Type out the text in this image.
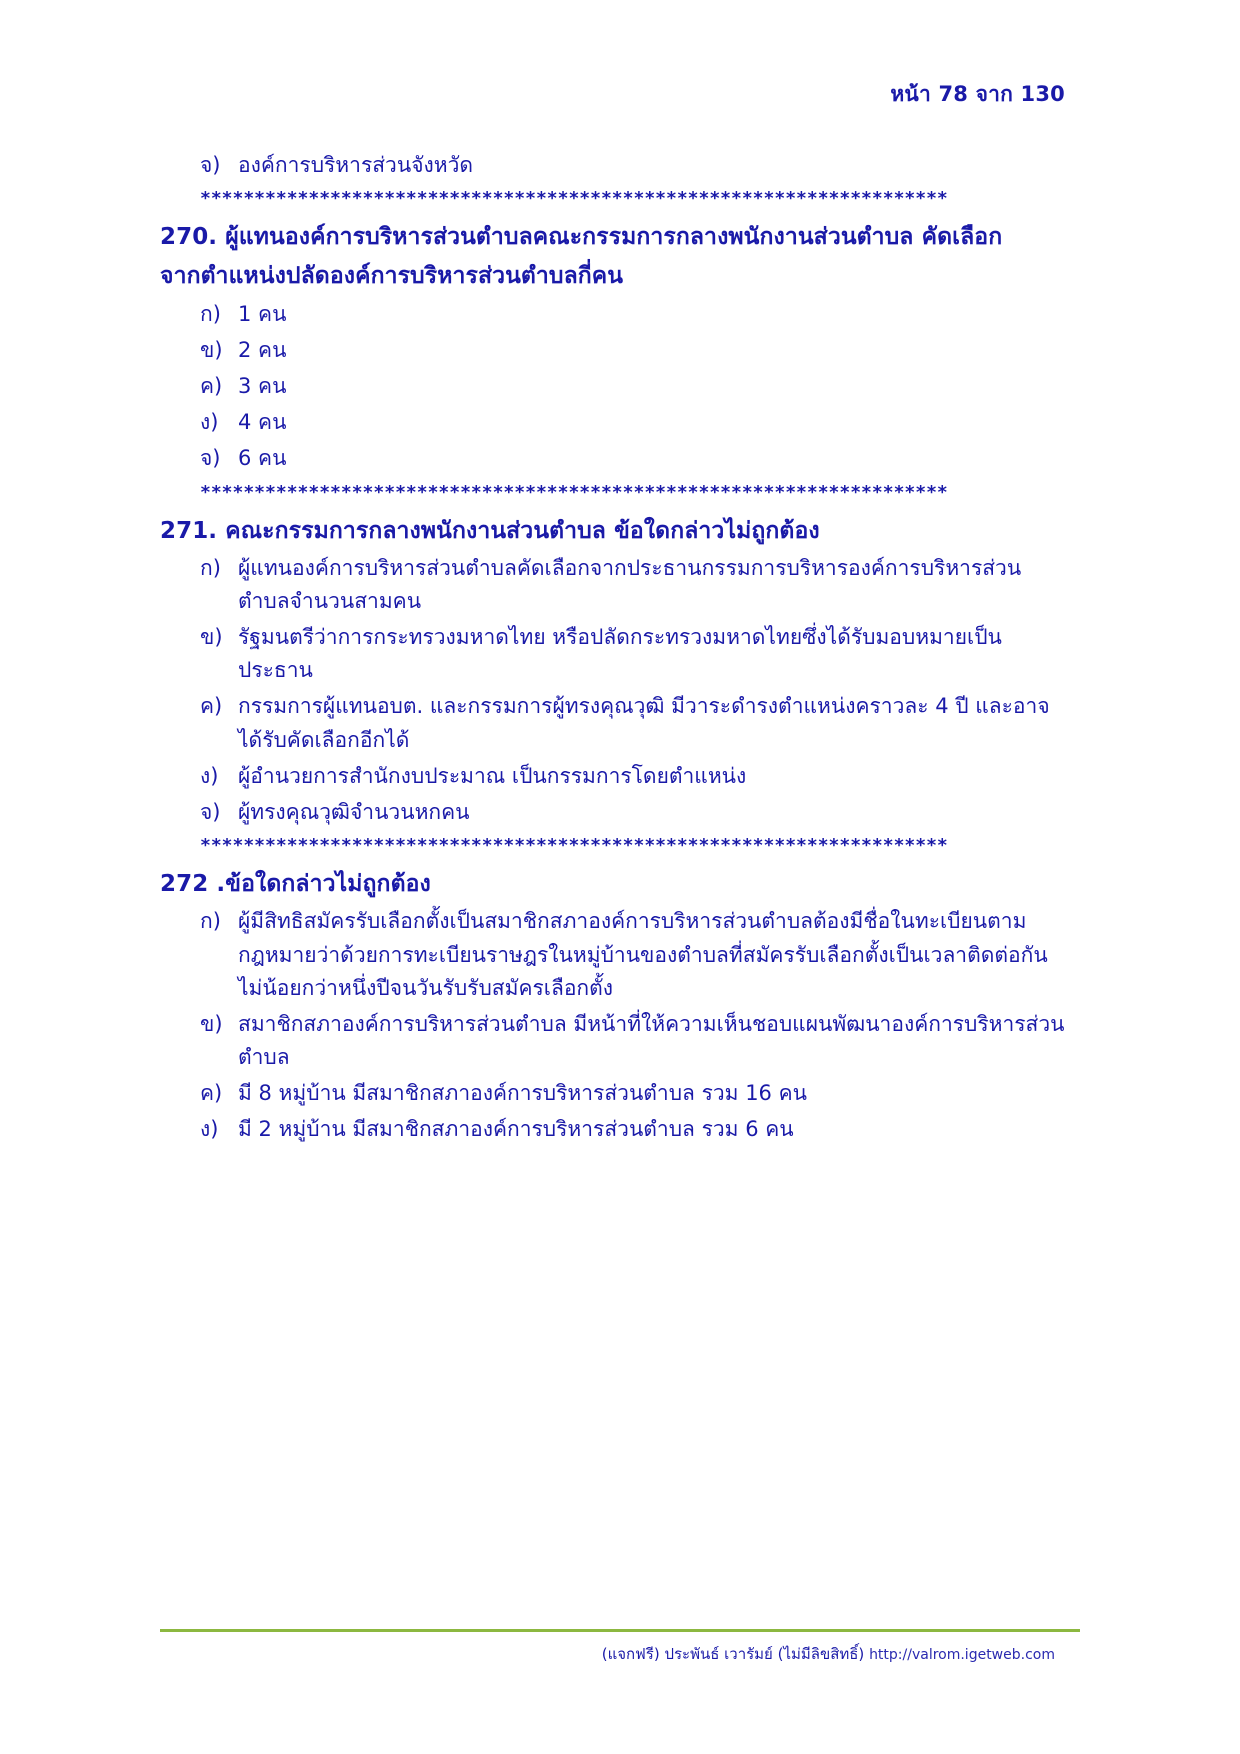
หน้า 78 จาก 130
จ) องค์การบริหารส่วนจังหวัด
*********************************************************************

270. ผู้แทนองค์การบริหารส่วนตำบลคณะกรรมการกลางพนักงานส่วนตำบล คัดเลือก

จากตำแหน่งปลัดองค์การบริหารส่วนตำบลกี่คน

ก) 1 คน
ข) 2 คน
ค) 3 คน
ง) 4 คน
จ) 6 คน
*********************************************************************

271. คณะกรรมการกลางพนักงานส่วนตำบล ข้อใดกล่าวไม่ถูกต้อง

ก) ผู้แทนองค์การบริหารส่วนตำบลคัดเลือกจากประธานกรรมการบริหารองค์การบริหารส่วนตำบลจำนวนสามคน
ข) รัฐมนตรีว่าการกระทรวงมหาดไทย หรือปลัดกระทรวงมหาดไทยซึ่งได้รับมอบหมายเป็นประธาน
ค) กรรมการผู้แทนอบต. และกรรมการผู้ทรงคุณวุฒิ มีวาระดำรงตำแหน่งคราวละ 4 ปี และอาจได้รับคัดเลือกอีกได้
ง) ผู้อำนวยการสำนักงบประมาณ เป็นกรรมการโดยตำแหน่ง
จ) ผู้ทรงคุณวุฒิจำนวนหกคน
*********************************************************************

272 .ข้อใดกล่าวไม่ถูกต้อง

ก) ผู้มีสิทธิสมัครรับเลือกตั้งเป็นสมาชิกสภาองค์การบริหารส่วนตำบลต้องมีชื่อในทะเบียนตามกฎหมายว่าด้วยการทะเบียนราษฎรในหมู่บ้านของตำบลที่สมัครรับเลือกตั้งเป็นเวลาติดต่อกันไม่น้อยกว่าหนึ่งปีจนวันรับรับสมัครเลือกตั้ง
ข) สมาชิกสภาองค์การบริหารส่วนตำบล มีหน้าที่ให้ความเห็นชอบแผนพัฒนาองค์การบริหารส่วนตำบล
ค) มี 8 หมู่บ้าน มีสมาชิกสภาองค์การบริหารส่วนตำบล รวม 16 คน
ง) มี 2 หมู่บ้าน มีสมาชิกสภาองค์การบริหารส่วนตำบล รวม 6 คน
(แจกฟรี) ประพันธ์ เวารัมย์ (ไม่มีลิขสิทธิ์) http://valrom.igetweb.com
